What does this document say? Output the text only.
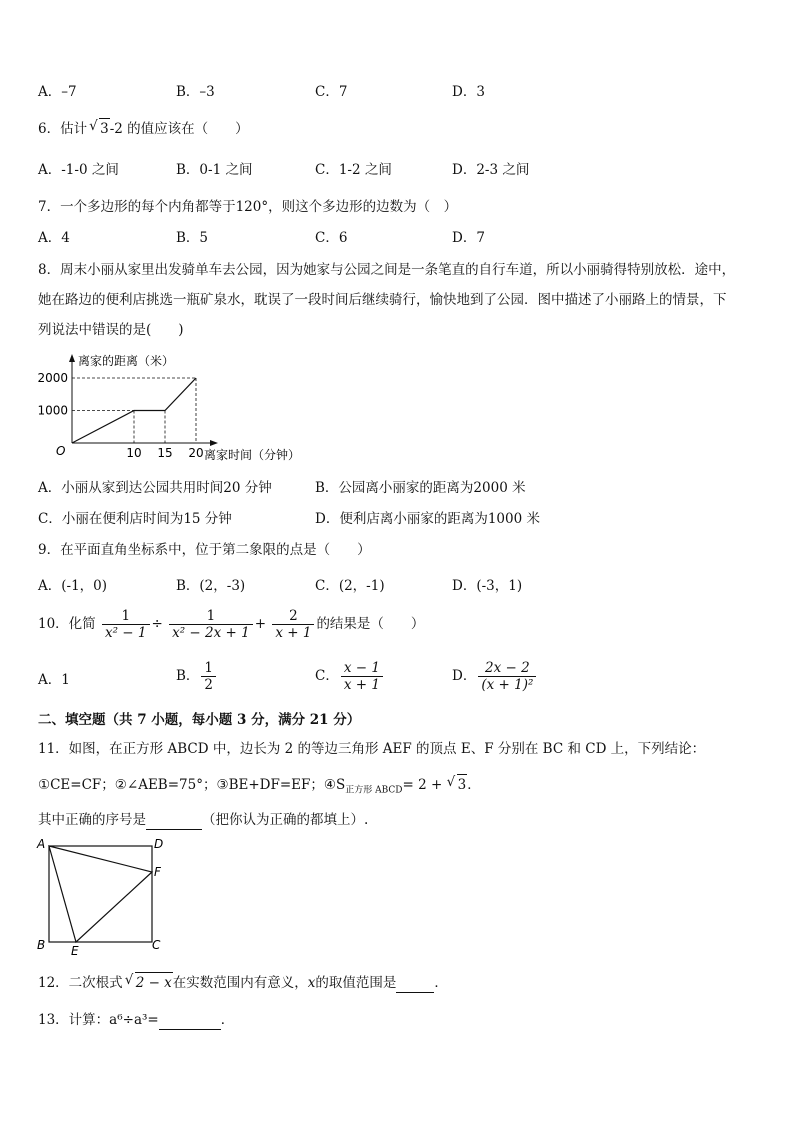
A．–7	B．–3	C．7	D．3
6．估计 √ 3-2 的值应该在（　　）
A．-1-0 之间	B．0-1 之间	C．1-2 之间	D．2-3 之间
7．一个多边形的每个内角都等于120°，则这个多边形的边数为（　）
A．4	B．5	C．6	D．7
8．周末小丽从家里出发骑单车去公园，因为她家与公园之间是一条笔直的自行车道，所以小丽骑得特别放松．途中，
她在路边的便利店挑选一瓶矿泉水，耽误了一段时间后继续骑行，愉快地到了公园．图中描述了小丽路上的情景，下
列说法中错误的是(　　)
10 15 20
1000
2000
离家的距离（米）
离家时间（分钟）
O
A．小丽从家到达公园共用时间20 分钟	B．公园离小丽家的距离为2000 米
C．小丽在便利店时间为15 分钟	D．便利店离小丽家的距离为1000 米
9．在平面直角坐标系中，位于第二象限的点是（　　）
A．(-1，0)	B．(2，-3)	C．(2，-1)	D．(-3，1)
10．化简 $\frac{1}{\text{x² − 1}} \div \frac{1}{\text{x² − 2x + 1}} + \frac{2}{x + 1}$ 的结果是（　　）
A．1	B． $\frac{1}{2}$	C． $\frac{x - 1}{x + 1}$	D． $\frac{2x - 2}{\text{(x + 1)²}}$
二、填空题（共 7 小题，每小题 3 分，满分 21 分）
11．如图，在正方形 ABCD 中，边长为 2 的等边三角形 AEF 的顶点 E、F 分别在 BC 和 CD 上，下列结论：
①CE=CF；②∠AEB=75°；③BE+DF=EF；$④S_{正方形 ABCD}= 2$ + √ 3．
其中正确的序号是	（把你认为正确的都填上）.
A	D
F
B E	C
12．二次根式 √ 2 − x在实数范围内有意义，x的取值范围是	．
13．计算：a⁶÷a³=	．
